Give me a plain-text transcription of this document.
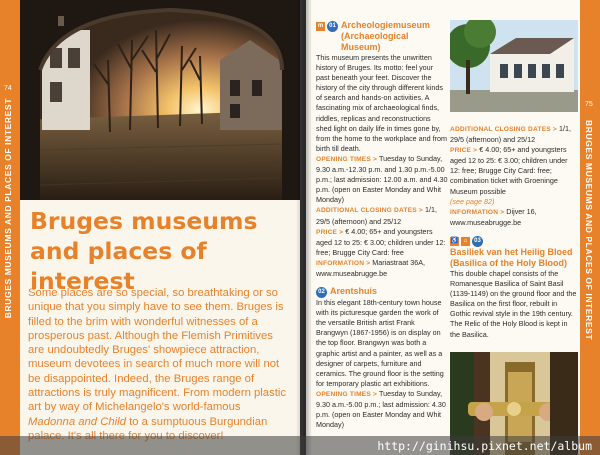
74
BRUGES MUSEUMS AND PLACES OF INTEREST Bruges museums
and places of interest

Some places are so special, so breathtaking or so unique that you simply have to see them. Bruges is filled to the brim with wonderful witnesses of a prosperous past. Although the Flemish Primitives are undoubtedly Bruges' showpiece attraction, museum devotees in search of much more will not be disappointed. Indeed, the Bruges range of attractions is truly magnificent. From modern plastic art by way of Michelangelo's world-famous Madonna and Child to a sumptuous Burgundian

75
BRUGES MUSEUMS AND PLACES OF INTEREST
m 01 Archeologiemuseum
(Archaeological Museum)

This museum presents the unwritten history of Bruges. Its motto: feel your past beneath your feet. Discover the history of the city through different kinds of search and hands-on activities. A fascinating mix of archaeological finds, riddles, replicas and reconstructions shed light on daily life in times gone by, from the home to the workplace and from birth till death.

OPENING TIMES > Tuesday to Sunday, 9.30 a.m.-12.30 p.m. and 1.30 p.m.-5.00 p.m.; last admission: 12.00 a.m. and 4.30 p.m. (open on Easter Monday and Whit Monday)

ADDITIONAL CLOSING DATES > 1/1, 29/5 (afternoon) and 25/12

PRICE > € 4.00; 65+ and youngsters aged 12 to 25: € 3.00; children under 12: free; Brugge City Card: free

INFORMATION > Mariastraat 36A, www.museabrugge.be

02 Arentshuis

In this elegant 18th-century town house with its picturesque garden the work of the versatile British artist Frank Brangwyn (1867-1956) is on display on the top floor. Brangwyn was both a graphic artist and a painter, as well as a designer of carpets, furniture and ceramics. The ground floor is the setting for temporary plastic art exhibitions.

OPENING TIMES > Tuesday to Sunday, 9.30 a.m.-5.00 p.m.; last admission: 4.30 p.m. (open on Easter Monday and Whit Monday)

ADDITIONAL CLOSING DATES > 1/1, 29/5 (afternoon) and 25/12

PRICE > € 4.00; 65+ and youngsters aged 12 to 25: € 3.00; children under 12: free; Brugge City Card: free; combination ticket with Groeninge Museum possible

(see page 82)

INFORMATION > Dijver 16, www.museabrugge.be

♿ ⌂	03
Basiliek van het Heilig Bloed
(Basilica of the Holy Blood)

This double chapel consists of the Romanesque Basilica of Saint Basil (1139-1149) on the ground floor and the Basilica on the first floor, rebuilt in Gothic revival style in the 19th century. The Relic of the Holy Blood is kept in the Basilica.

http://ginihsu.pixnet.net/album
